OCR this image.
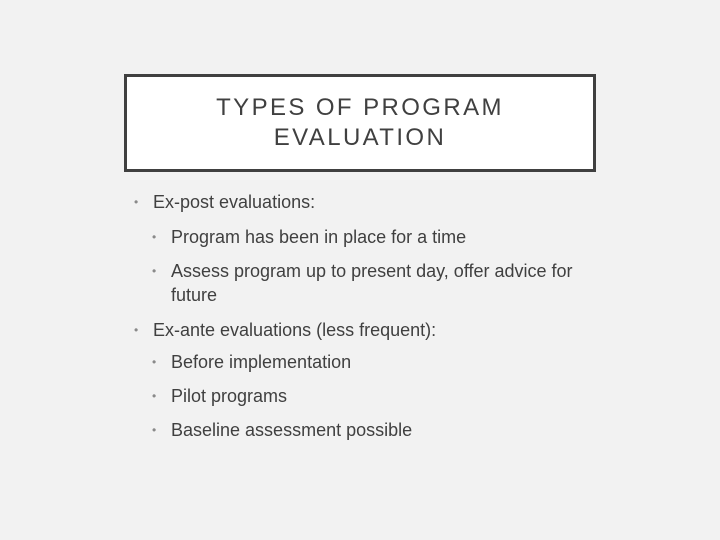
TYPES OF PROGRAM EVALUATION
• Ex-post evaluations:
• Program has been in place for a time
• Assess program up to present day, offer advice for future
• Ex-ante evaluations (less frequent):
• Before implementation
• Pilot programs
• Baseline assessment possible
